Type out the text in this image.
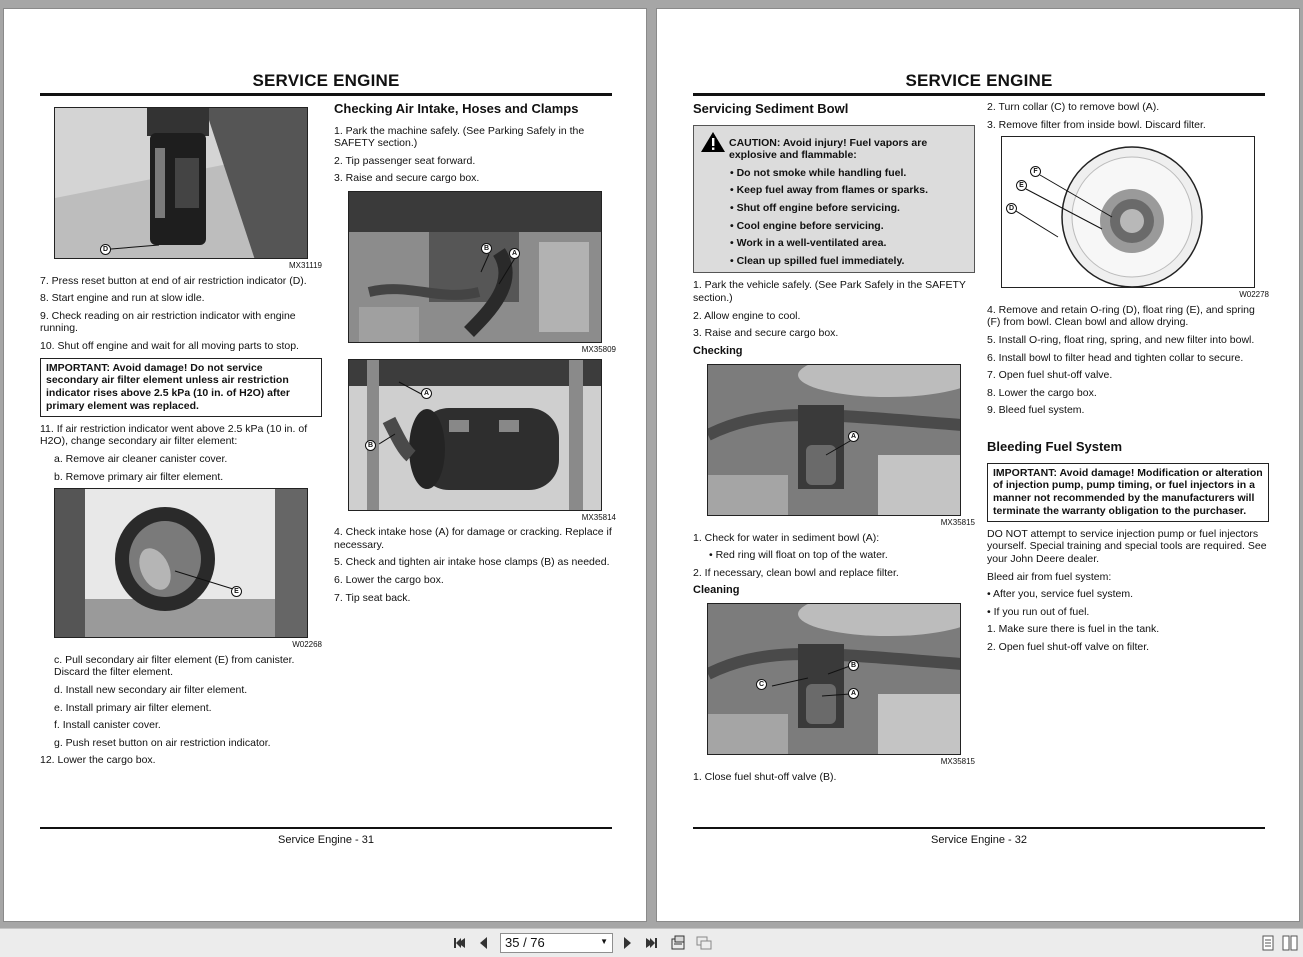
SERVICE ENGINE
D
MX31119
7. Press reset button at end of air restriction indicator (D).
8. Start engine and run at slow idle.
9. Check reading on air restriction indicator with engine running.
10. Shut off engine and wait for all moving parts to stop.
IMPORTANT: Avoid damage! Do not service secondary air filter element unless air restriction indicator rises above 2.5 kPa (10 in. of H2O) after primary element was replaced.
11. If air restriction indicator went above 2.5 kPa (10 in. of H2O), change secondary air filter element:
a. Remove air cleaner canister cover.
b. Remove primary air filter element.
E
W02268
c. Pull secondary air filter element (E) from canister. Discard the filter element.
d. Install new secondary air filter element.
e. Install primary air filter element.
f. Install canister cover.
g. Push reset button on air restriction indicator.
12. Lower the cargo box.
Checking Air Intake, Hoses and Clamps
1. Park the machine safely. (See Parking Safely in the SAFETY section.)
2. Tip passenger seat forward.
3. Raise and secure cargo box.
B
A
MX35809
A
B
MX35814
4. Check intake hose (A) for damage or cracking. Replace if necessary.
5. Check and tighten air intake hose clamps (B) as needed.
6. Lower the cargo box.
7. Tip seat back.
Service Engine - 31
SERVICE ENGINE
Servicing Sediment Bowl
CAUTION: Avoid injury! Fuel vapors are explosive and flammable:
• Do not smoke while handling fuel.
• Keep fuel away from flames or sparks.
• Shut off engine before servicing.
• Cool engine before servicing.
• Work in a well-ventilated area.
• Clean up spilled fuel immediately.
1. Park the vehicle safely. (See Park Safely in the SAFETY section.)
2. Allow engine to cool.
3. Raise and secure cargo box.
Checking
A
MX35815
1. Check for water in sediment bowl (A):
• Red ring will float on top of the water.
2. If necessary, clean bowl and replace filter.
Cleaning
B
C
A
MX35815
1. Close fuel shut-off valve (B).
2. Turn collar (C) to remove bowl (A).
3. Remove filter from inside bowl. Discard filter.
F
E
D
W02278
4. Remove and retain O-ring (D), float ring (E), and spring (F) from bowl. Clean bowl and allow drying.
5. Install O-ring, float ring, spring, and new filter into bowl.
6. Install bowl to filter head and tighten collar to secure.
7. Open fuel shut-off valve.
8. Lower the cargo box.
9. Bleed fuel system.
Bleeding Fuel System
IMPORTANT: Avoid damage! Modification or alteration of injection pump, pump timing, or fuel injectors in a manner not recommended by the manufacturers will terminate the warranty obligation to the purchaser.
DO NOT attempt to service injection pump or fuel injectors yourself. Special training and special tools are required. See your John Deere dealer.
Bleed air from fuel system:
• After you, service fuel system.
• If you run out of fuel.
1. Make sure there is fuel in the tank.
2. Open fuel shut-off valve on filter.
Service Engine - 32
35 / 76	▼
